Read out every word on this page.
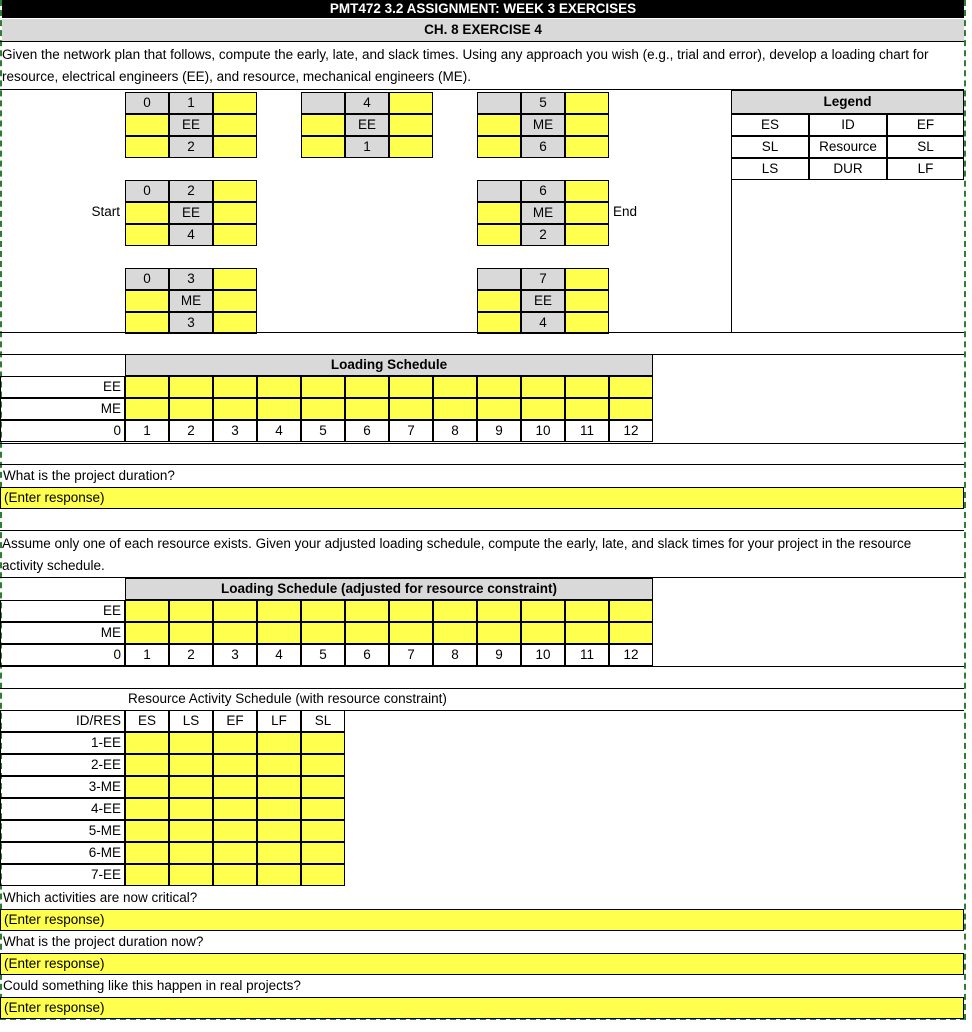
PMT472 3.2 ASSIGNMENT: WEEK 3 EXERCISES
CH. 8 EXERCISE 4
Given the network plan that follows, compute the early, late, and slack times. Using any approach you wish (e.g., trial and error), develop a loading chart for resource, electrical engineers (EE), and resource, mechanical engineers (ME).
0	1
EE
2
4
EE
1
5
ME
6
0	2
EE
4
6
ME
2
0	3
ME
3
7
EE
4
Start	End
Legend
ES	ID	EF
SL	Resource	SL
LS	DUR	LF
Loading Schedule
EE
ME
0	1	2	3	4	5	6	7	8	9	10	11	12
What is the project duration?
(Enter response)
Assume only one of each resource exists. Given your adjusted loading schedule, compute the early, late, and slack times for your project in the resource activity schedule.
Loading Schedule (adjusted for resource constraint)
EE
ME
0	1	2	3	4	5	6	7	8	9	10	11	12
Resource Activity Schedule (with resource constraint)
ID/RES	ES	LS	EF	LF	SL
1-EE
2-EE
3-ME
4-EE
5-ME
6-ME
7-EE
Which activities are now critical?
(Enter response)
What is the project duration now?
(Enter response)
Could something like this happen in real projects?
(Enter response)
